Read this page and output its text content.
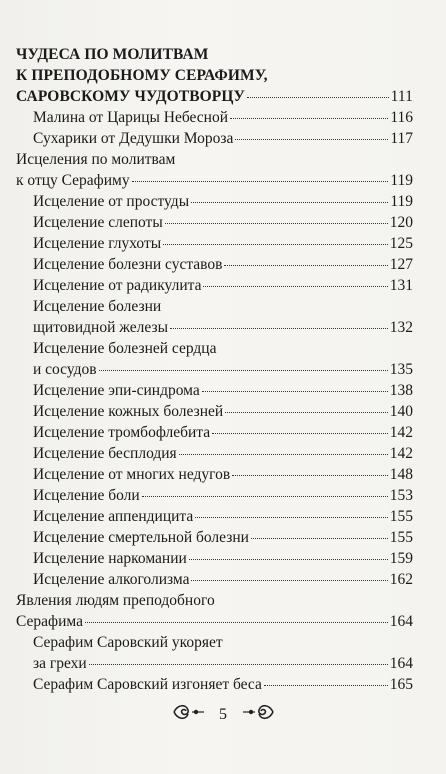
ЧУДЕСА ПО МОЛИТВАМ
К ПРЕПОДОБНОМУ СЕРАФИМУ,
САРОВСКОМУ ЧУДОТВОРЦУ	111
Малина от Царицы Небесной	116
Сухарики от Дедушки Мороза	117
Исцеления по молитвам
к отцу Серафиму	119
Исцеление от простуды	119
Исцеление слепоты	120
Исцеление глухоты	125
Исцеление болезни суставов	127
Исцеление от радикулита	131
Исцеление болезни
щитовидной железы	132
Исцеление болезней сердца
и сосудов	135
Исцеление эпи-синдрома	138
Исцеление кожных болезней	140
Исцеление тромбофлебита	142
Исцеление бесплодия	142
Исцеление от многих недугов	148
Исцеление боли	153
Исцеление аппендицита	155
Исцеление смертельной болезни	155
Исцеление наркомании	159
Исцеление алкоголизма	162
Явления людям преподобного
Серафима	164
Серафим Саровский укоряет
за грехи	164
Серафим Саровский изгоняет беса	165
5
